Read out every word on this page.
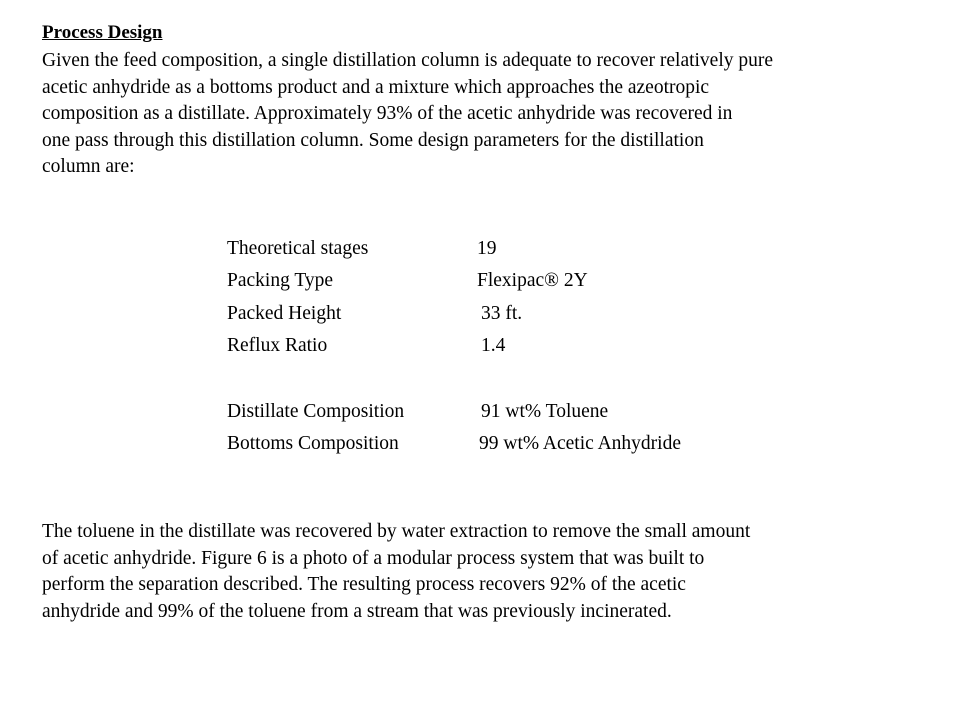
Process Design

Given the feed composition, a single distillation column is adequate to recover relatively pure
acetic anhydride as a bottoms product and a mixture which approaches the azeotropic
composition as a distillate. Approximately 93% of the acetic anhydride was recovered in
one pass through this distillation column. Some design parameters for the distillation
column are:

Theoretical stages	19
Packing Type	Flexipac® 2Y
Packed Height	33 ft.
Reflux Ratio	1.4
Distillate Composition	91 wt% Toluene
Bottoms Composition	99 wt% Acetic Anhydride

The toluene in the distillate was recovered by water extraction to remove the small amount
of acetic anhydride. Figure 6 is a photo of a modular process system that was built to
perform the separation described. The resulting process recovers 92% of the acetic
anhydride and 99% of the toluene from a stream that was previously incinerated.
